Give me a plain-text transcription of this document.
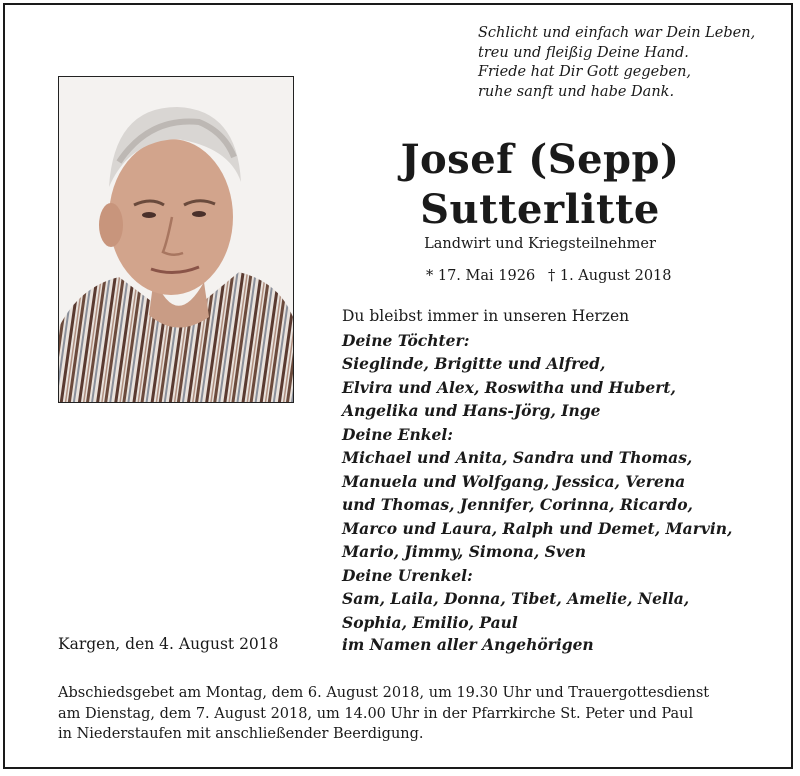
Schlicht und einfach war Dein Leben,
treu und fleißig Deine Hand.
Friede hat Dir Gott gegeben,
ruhe sanft und habe Dank.
Josef (Sepp)
Sutterlitte
Landwirt und Kriegsteilnehmer
* 17. Mai 1926 † 1. August 2018
Du bleibst immer in unseren Herzen
Deine Töchter:
Sieglinde, Brigitte und Alfred,
Elvira und Alex, Roswitha und Hubert,
Angelika und Hans-Jörg, Inge
Deine Enkel:
Michael und Anita, Sandra und Thomas,
Manuela und Wolfgang, Jessica, Verena
und Thomas, Jennifer, Corinna, Ricardo,
Marco und Laura, Ralph und Demet, Marvin,
Mario, Jimmy, Simona, Sven
Deine Urenkel:
Sam, Laila, Donna, Tibet, Amelie, Nella,
Sophia, Emilio, Paul
Kargen, den 4. August 2018	im Namen aller Angehörigen
Abschiedsgebet am Montag, dem 6. August 2018, um 19.30 Uhr und Trauergottesdienst
am Dienstag, dem 7. August 2018, um 14.00 Uhr in der Pfarrkirche St. Peter und Paul
in Niederstaufen mit anschließender Beerdigung.
